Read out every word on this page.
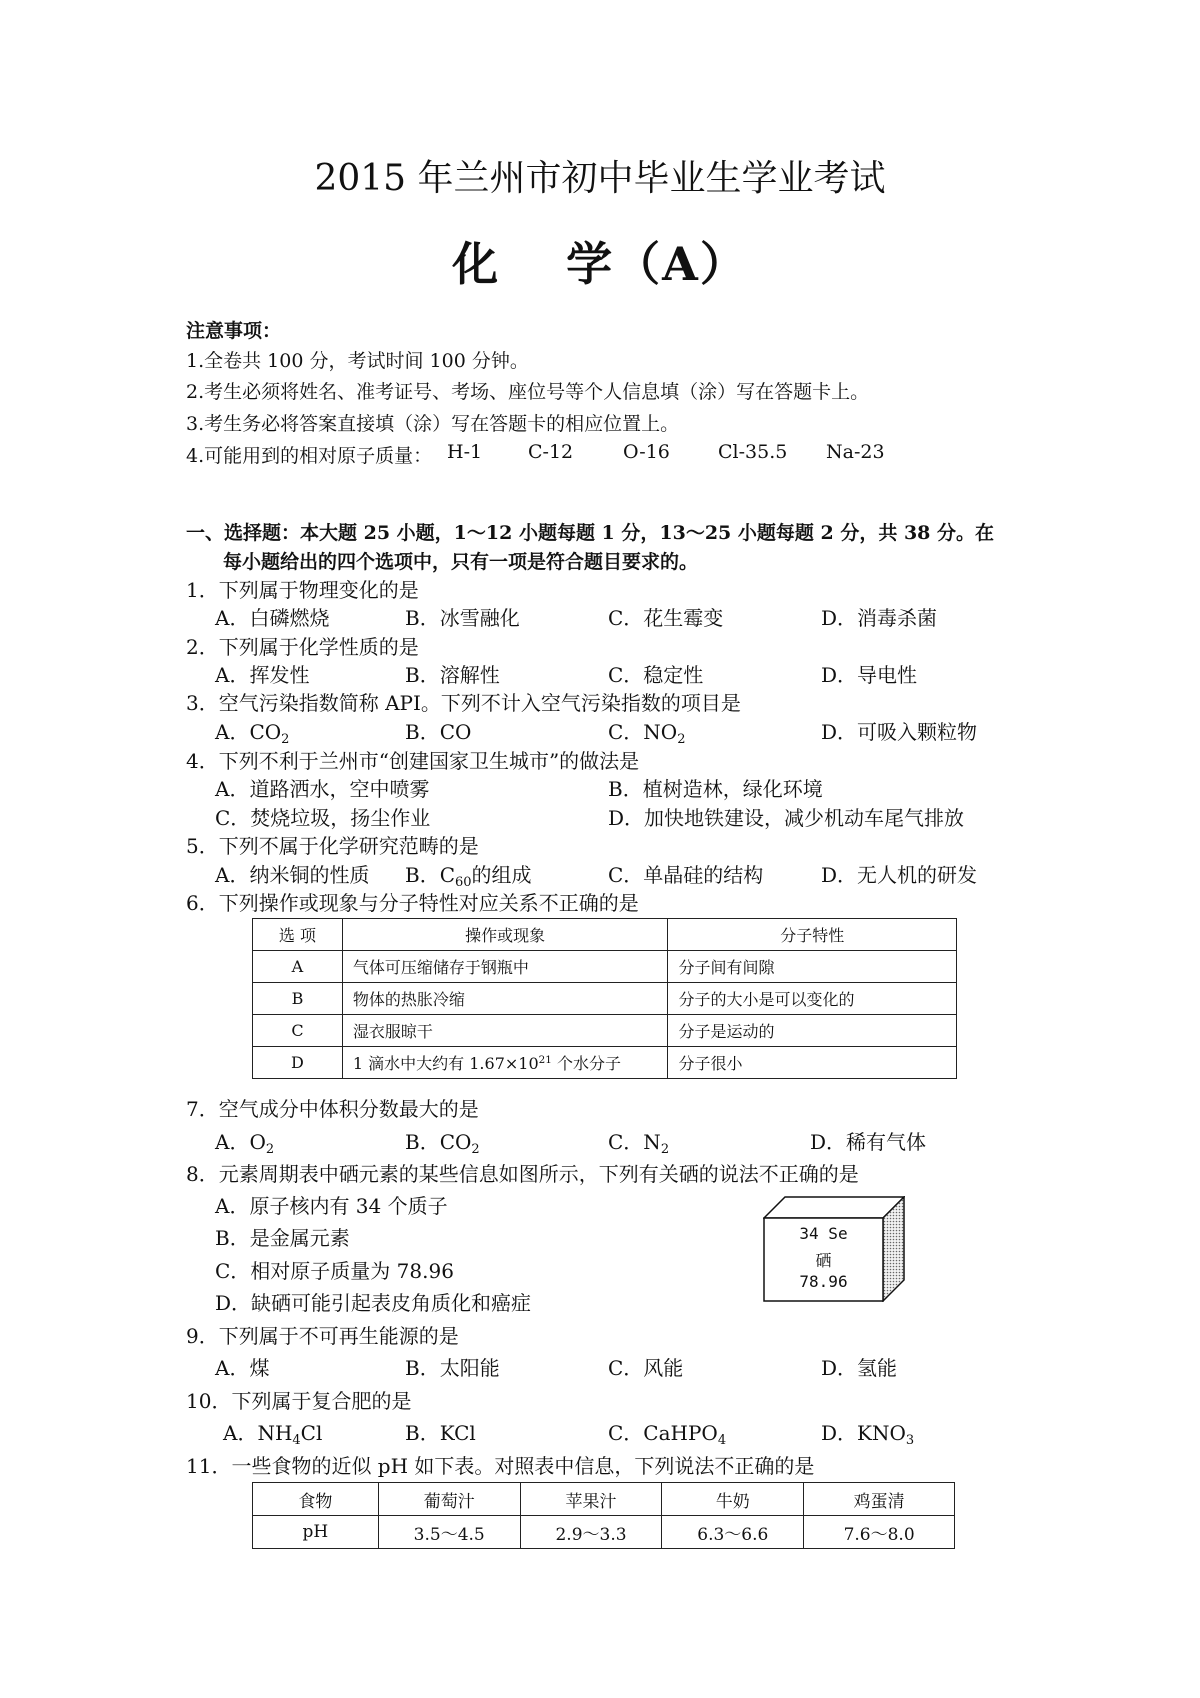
2015 年兰州市初中毕业生学业考试
化　 学（A）
注意事项：
1.全卷共 100 分，考试时间 100 分钟。
2.考生必须将姓名、准考证号、考场、座位号等个人信息填（涂）写在答题卡上。
3.考生务必将答案直接填（涂）写在答题卡的相应位置上。
4.可能用到的相对原子质量： H-1 C-12	O-16	Cl-35.5 Na-23
一、选择题：本大题 25 小题，1～12 小题每题 1 分，13～25 小题每题 2 分，共 38 分。在
每小题给出的四个选项中，只有一项是符合题目要求的。
1．下列属于物理变化的是
A．白磷燃烧	B．冰雪融化	C．花生霉变	D．消毒杀菌
2．下列属于化学性质的是
A．挥发性	B．溶解性	C．稳定性	D．导电性
3．空气污染指数简称 API。下列不计入空气污染指数的项目是
A．$CO_2$	B．CO	C．$NO_2$	D．可吸入颗粒物
4．下列不利于兰州市“创建国家卫生城市”的做法是
A．道路洒水，空中喷雾	B．植树造林，绿化环境
C．焚烧垃圾，扬尘作业	D．加快地铁建设，减少机动车尾气排放
5．下列不属于化学研究范畴的是
A．纳米铜的性质 B．$C_{60}$的组成	C．单晶硅的结构	D．无人机的研发
6．下列操作或现象与分子特性对应关系不正确的是
选 项	操作或现象	分子特性
A	气体可压缩储存于钢瓶中	分子间有间隙
B	物体的热胀冷缩	分子的大小是可以变化的
C	湿衣服晾干	分子是运动的
D	1 滴水中大约有 $1.67\times 10^{21}$ 个水分子	分子很小
7．空气成分中体积分数最大的是
A．$O_2$	B．$CO_2$	C．$N_2$	D．稀有气体
8．元素周期表中硒元素的某些信息如图所示，下列有关硒的说法不正确的是
A．原子核内有 34 个质子
B．是金属元素
C．相对原子质量为 78.96
D．缺硒可能引起表皮角质化和癌症
34 Se
硒
78.96
9．下列属于不可再生能源的是
A．煤	B．太阳能	C．风能	D．氢能
10．下列属于复合肥的是
A．$NH_4Cl$	B．KCl	C．CaHPO$_4$	D．$KNO_3$
11．一些食物的近似 pH 如下表。对照表中信息，下列说法不正确的是
食物	葡萄汁	苹果汁	牛奶	鸡蛋清
pH	3.5～4.5	2.9～3.3	6.3～6.6	7.6～8.0
